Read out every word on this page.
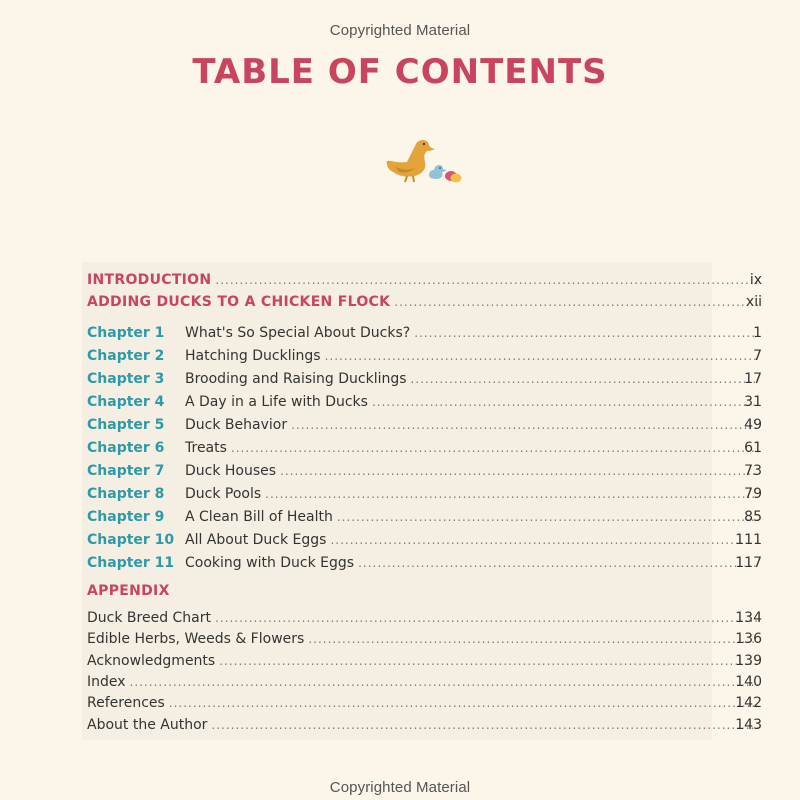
Copyrighted Material
TABLE OF CONTENTS
INTRODUCTION .....	ix
ADDING DUCKS TO A CHICKEN FLOCK .....	xii
Chapter 1	What's So Special About Ducks? .....	1
Chapter 2	Hatching Ducklings .....	7
Chapter 3	Brooding and Raising Ducklings .....	17
Chapter 4	A Day in a Life with Ducks .....	31
Chapter 5	Duck Behavior .....	49
Chapter 6	Treats .....	61
Chapter 7	Duck Houses .....	73
Chapter 8	Duck Pools .....	79
Chapter 9	A Clean Bill of Health .....	85
Chapter 10 All About Duck Eggs .....	111
Chapter 11 Cooking with Duck Eggs .....	117
APPENDIX
Duck Breed Chart .....	134
Edible Herbs, Weeds & Flowers .....	136
Acknowledgments .....	139
Index .....	140
References .....	142
About the Author .....	143
Copyrighted Material
